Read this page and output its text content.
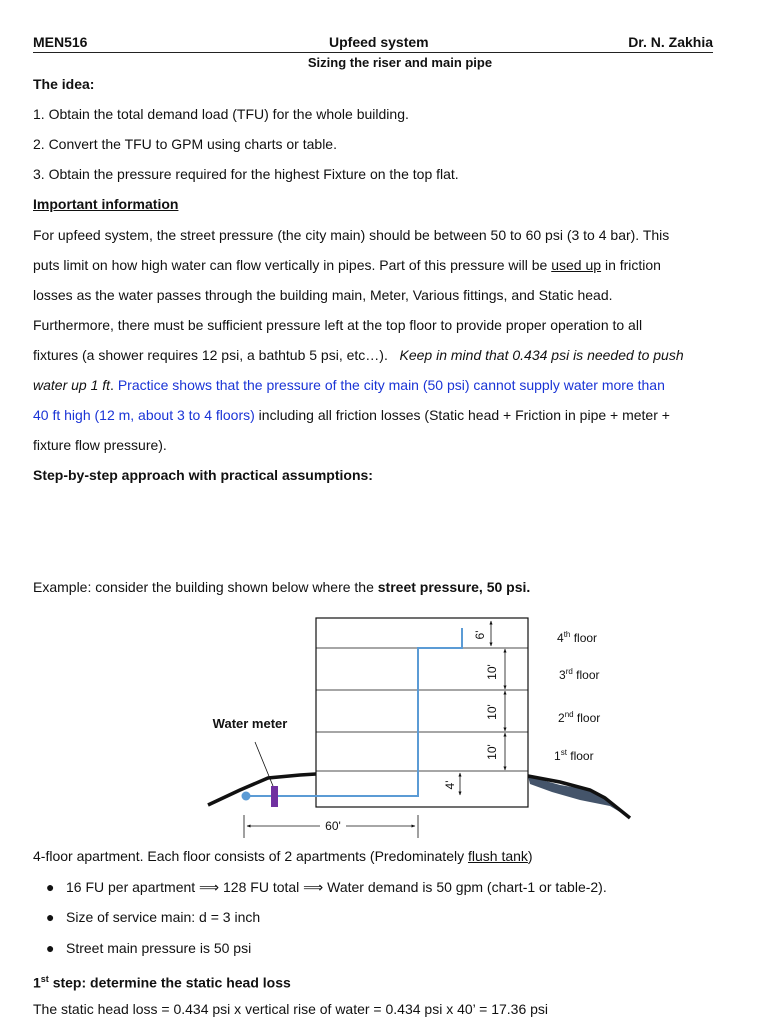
MEN516	Upfeed system	Dr. N. Zakhia
Sizing the riser and main pipe
The idea:
1. Obtain the total demand load (TFU) for the whole building.
2. Convert the TFU to GPM using charts or table.
3. Obtain the pressure required for the highest Fixture on the top flat.
Important information
For upfeed system, the street pressure (the city main) should be between 50 to 60 psi (3 to 4 bar). This
puts limit on how high water can flow vertically in pipes. Part of this pressure will be used up in friction
losses as the water passes through the building main, Meter, Various fittings, and Static head.
Furthermore, there must be sufficient pressure left at the top floor to provide proper operation to all
fixtures (a shower requires 12 psi, a bathtub 5 psi, etc…).   Keep in mind that 0.434 psi is needed to push
water up 1 ft. Practice shows that the pressure of the city main (50 psi) cannot supply water more than
40 ft high (12 m, about 3 to 4 floors) including all friction losses (Static head + Friction in pipe + meter +
fixture flow pressure).
Step-by-step approach with practical assumptions:
Example: consider the building shown below where the street pressure, 50 psi.
6'
10'
10'
10'
4'
60'
Water meter
4th floor
3rd floor
2nd floor
1st floor
4-floor apartment. Each floor consists of 2 apartments (Predominately flush tank)
● 16 FU per apartment ⟹ 128 FU total ⟹ Water demand is 50 gpm (chart-1 or table-2).
● Size of service main: d = 3 inch
● Street main pressure is 50 psi
1st step: determine the static head loss
The static head loss = 0.434 psi x vertical rise of water = 0.434 psi x 40’ = 17.36 psi
